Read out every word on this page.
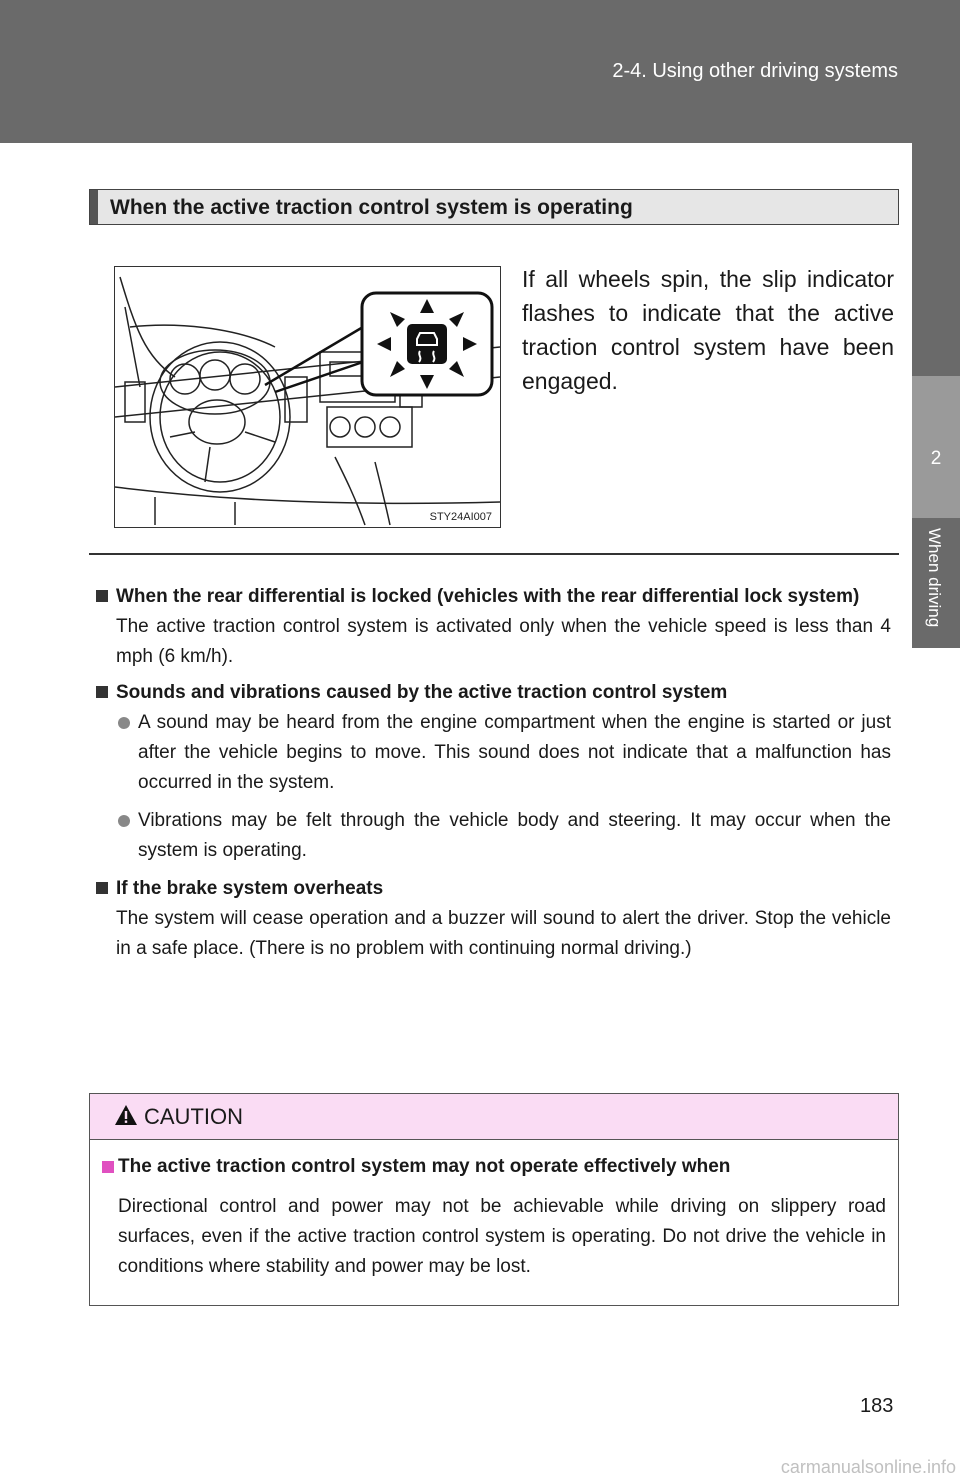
2-4. Using other driving systems
2
When driving
When the active traction control system is operating
STY24AI007
If all wheels spin, the slip indicator flashes to indicate that the active traction control system have been engaged.
When the rear differential is locked (vehicles with the rear differential lock system)
The active traction control system is activated only when the vehicle speed is less than 4 mph (6 km/h).
Sounds and vibrations caused by the active traction control system
A sound may be heard from the engine compartment when the engine is started or just after the vehicle begins to move. This sound does not indicate that a malfunction has occurred in the system.
Vibrations may be felt through the vehicle body and steering. It may occur when the system is operating.
If the brake system overheats
The system will cease operation and a buzzer will sound to alert the driver. Stop the vehicle in a safe place. (There is no problem with continuing normal driving.)
CAUTION
The active traction control system may not operate effectively when
Directional control and power may not be achievable while driving on slippery road surfaces, even if the active traction control system is operating. Do not drive the vehicle in conditions where stability and power may be lost.
183
carmanualsonline.info
